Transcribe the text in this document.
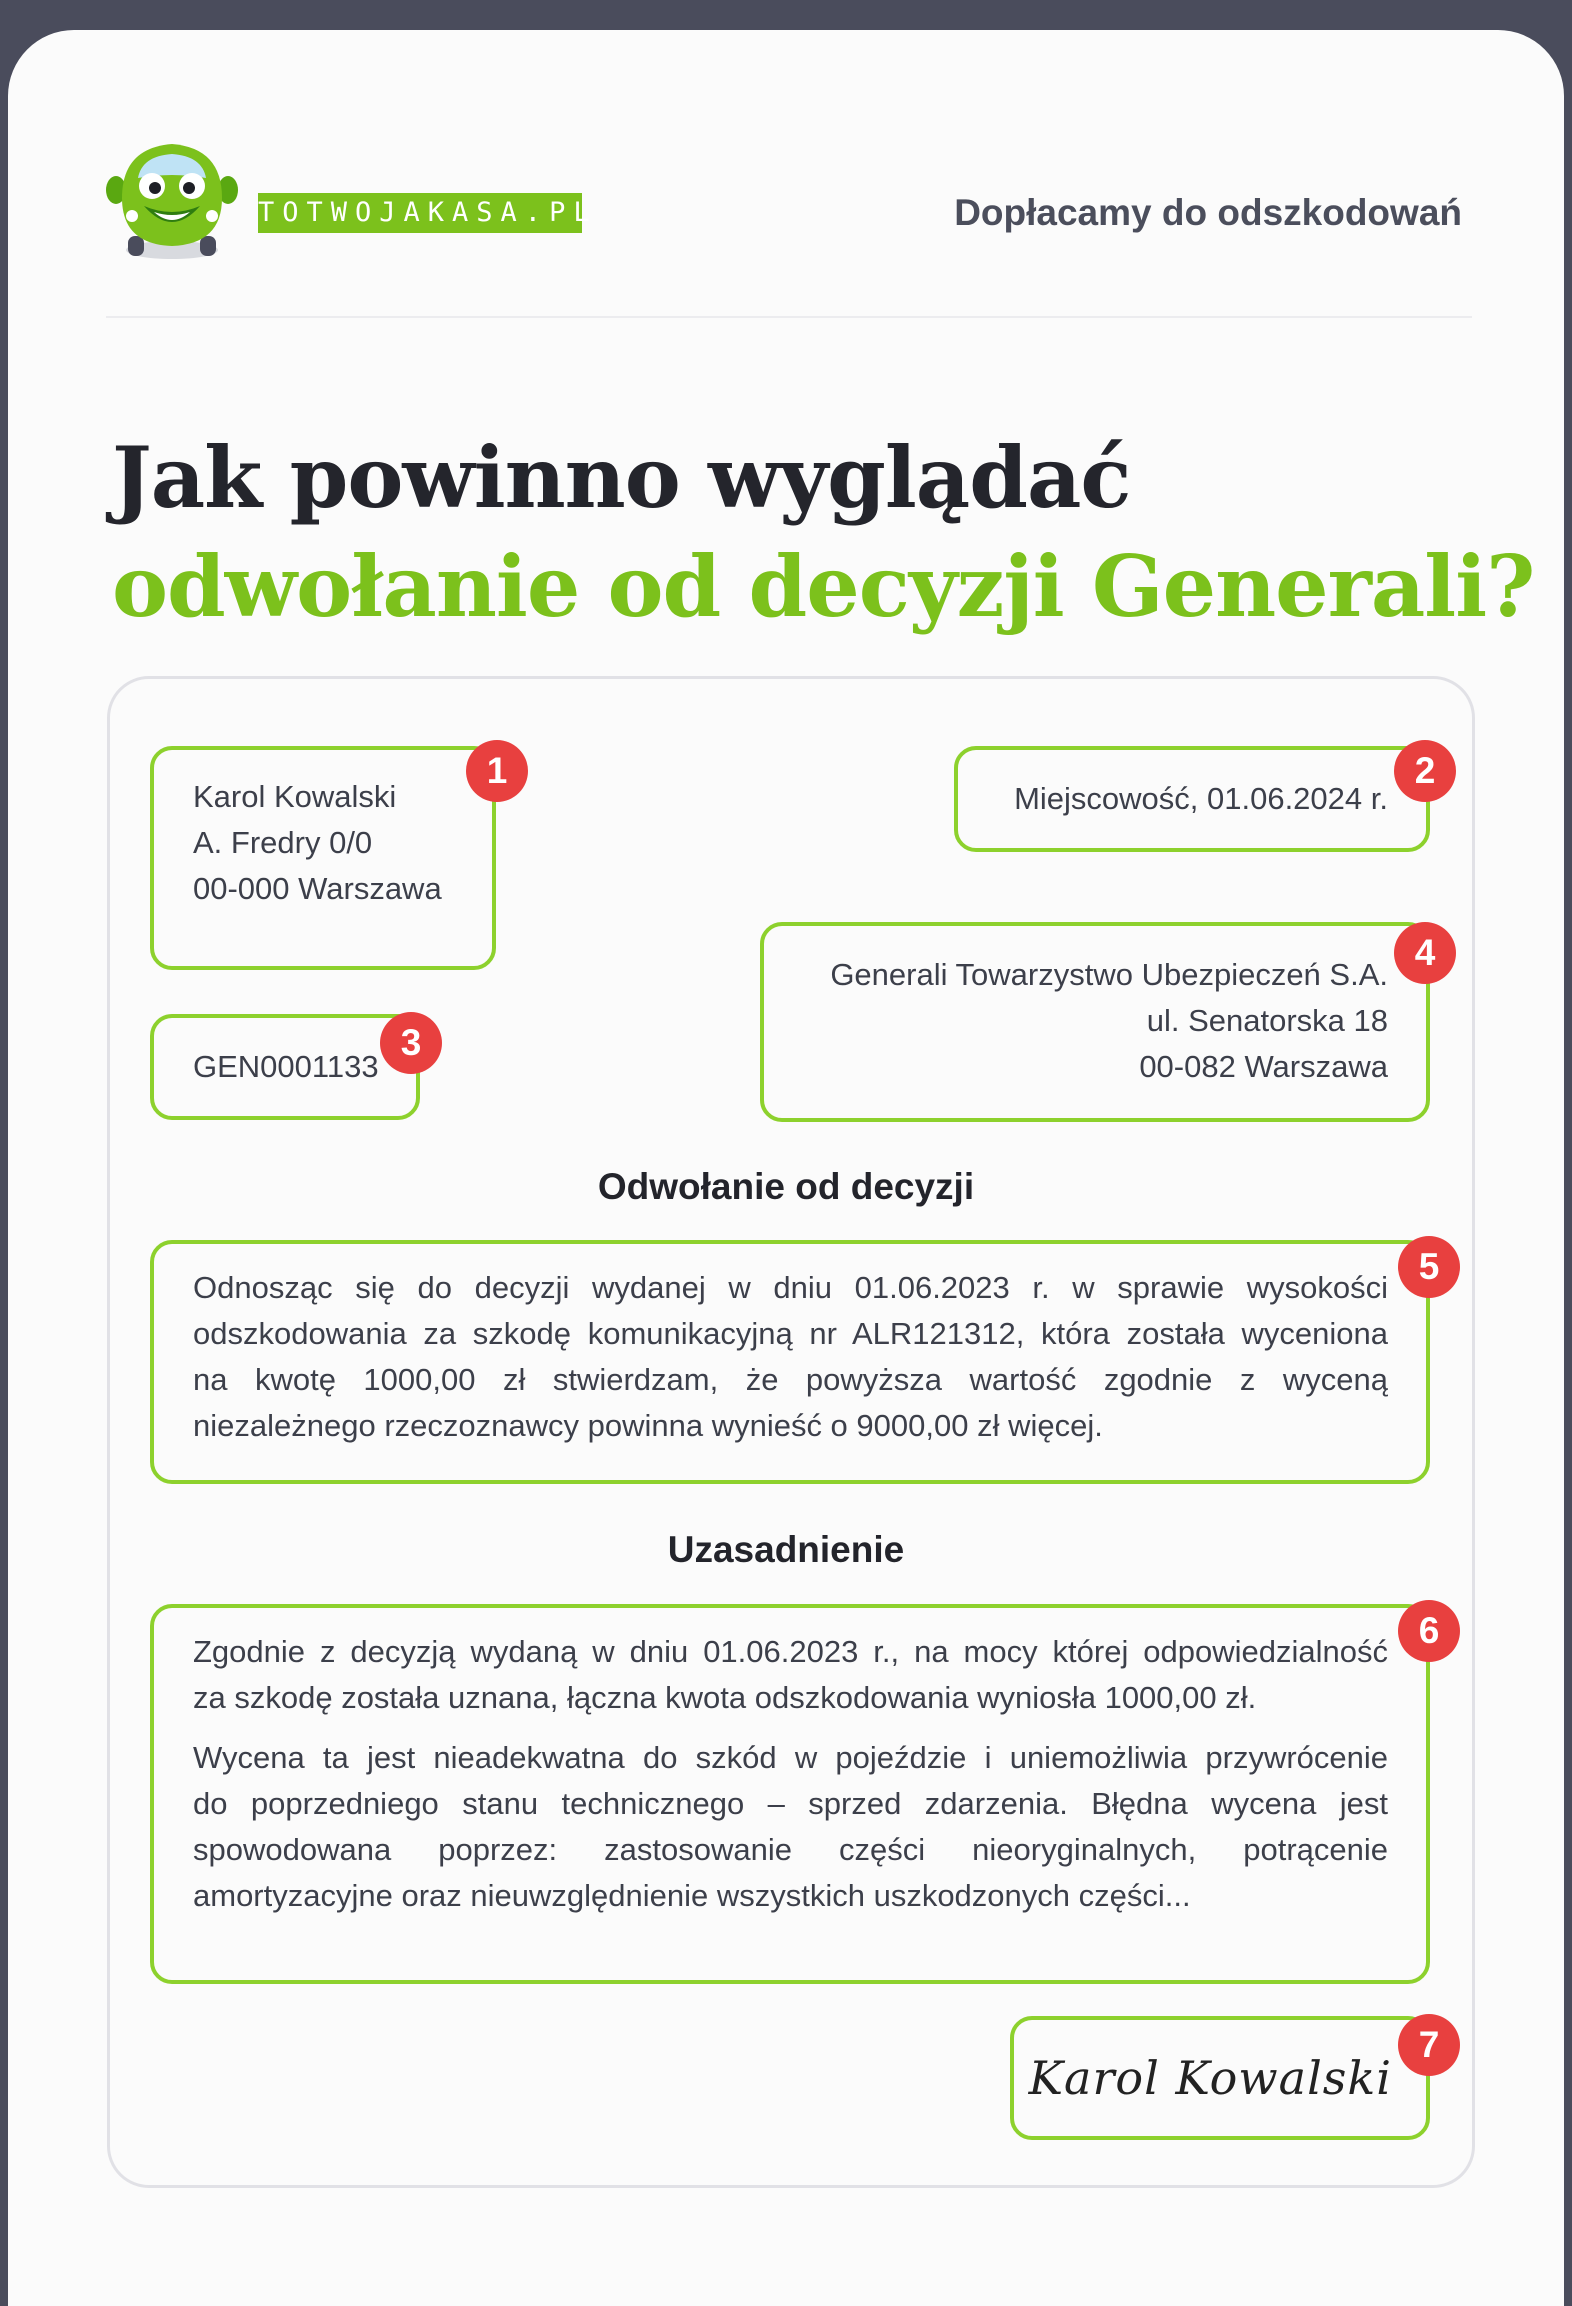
TOTWOJAKASA.PL	Dopłacamy do odszkodowań
Jak powinno wyglądać
odwołanie od decyzji Generali?
Karol Kowalski
A. Fredry 0/0
00-000 Warszawa
1
Miejscowość, 01.06.2024 r.
2
GEN0001133
3
Generali Towarzystwo Ubezpieczeń S.A.
ul. Senatorska 18
00-082 Warszawa
4
Odwołanie od decyzji
Odnosząc się do decyzji wydanej w dniu 01.06.2023 r. w sprawie wysokości
odszkodowania za szkodę komunikacyjną nr ALR121312, która została wyceniona
na kwotę 1000,00 zł stwierdzam, że powyższa wartość zgodnie z wyceną
niezależnego rzeczoznawcy powinna wynieść o 9000,00 zł więcej.
5
Uzasadnienie
Zgodnie z decyzją wydaną w dniu 01.06.2023 r., na mocy której odpowiedzialność
za szkodę została uznana, łączna kwota odszkodowania wyniosła 1000,00 zł.
Wycena ta jest nieadekwatna do szkód w pojeździe i uniemożliwia przywrócenie
do poprzedniego stanu technicznego – sprzed zdarzenia. Błędna wycena jest
spowodowana poprzez: zastosowanie części nieoryginalnych, potrącenie
amortyzacyjne oraz nieuwzględnienie wszystkich uszkodzonych części...
6
Karol Kowalski
7
